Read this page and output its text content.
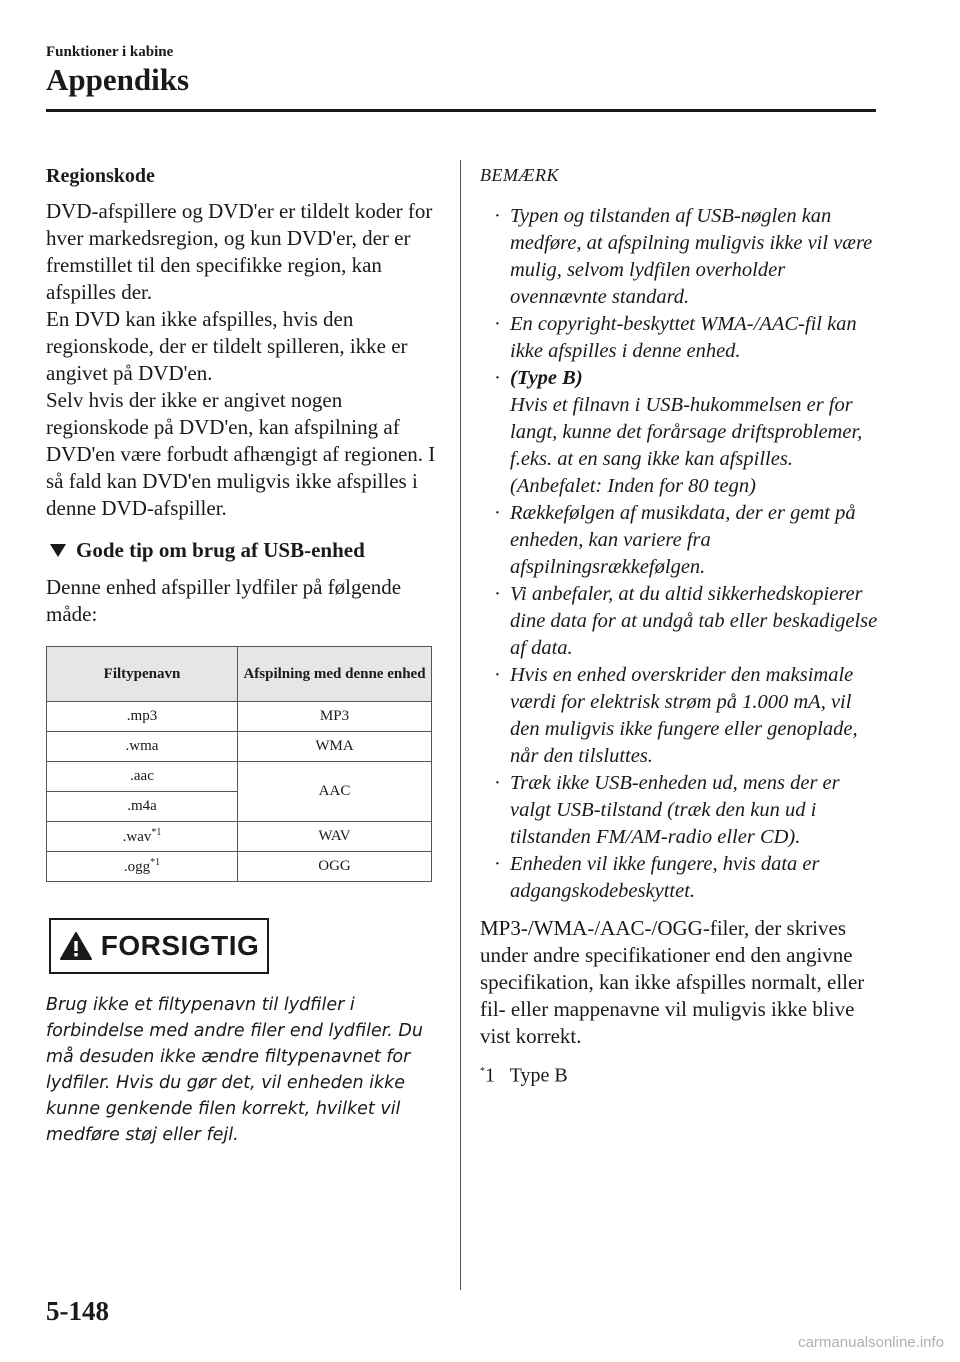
Funktioner i kabine
Appendiks

Regionskode

DVD-afspillere og DVD'er er tildelt koder for hver markedsregion, og kun DVD'er, der er fremstillet til den specifikke region, kan afspilles der.

En DVD kan ikke afspilles, hvis den regionskode, der er tildelt spilleren, ikke er angivet på DVD'en.

Selv hvis der ikke er angivet nogen regionskode på DVD'en, kan afspilning af DVD'en være forbudt afhængigt af regionen. I så fald kan DVD'en muligvis ikke afspilles i denne DVD-afspiller.

Gode tip om brug af USB-enhed

Denne enhed afspiller lydfiler på følgende måde:

Filtypenavn	Afspilning med denne enhed
.mp3	MP3
.wma	WMA
.aac	AAC
.m4a	
.wav$^{*1}$	WAV
.ogg$^{*1}$	OGG
FORSIGTIG

Brug ikke et filtypenavn til lydfiler i forbindelse med andre filer end lydfiler. Du må desuden ikke ændre filtypenavnet for lydfiler. Hvis du gør det, vil enheden ikke kunne genkende filen korrekt, hvilket vil medføre støj eller fejl.

BEMÆRK

· Typen og tilstanden af USB-nøglen kan medføre, at afspilning muligvis ikke vil være mulig, selvom lydfilen overholder ovennævnte standard.
· En copyright-beskyttet WMA-/AAC-fil kan ikke afspilles i denne enhed.
· (Type B)
Hvis et filnavn i USB-hukommelsen er for langt, kunne det forårsage driftsproblemer, f.eks. at en sang ikke kan afspilles.
(Anbefalet: Inden for 80 tegn)
· Rækkefølgen af musikdata, der er gemt på enheden, kan variere fra afspilningsrækkefølgen.
· Vi anbefaler, at du altid sikkerhedskopierer dine data for at undgå tab eller beskadigelse af data.
· Hvis en enhed overskrider den maksimale værdi for elektrisk strøm på 1.000 mA, vil den muligvis ikke fungere eller genoplade, når den tilsluttes.
· Træk ikke USB-enheden ud, mens der er valgt USB-tilstand (træk den kun ud i tilstanden FM/AM-radio eller CD).
· Enheden vil ikke fungere, hvis data er adgangskodebeskyttet.

MP3-/WMA-/AAC-/OGG-filer, der skrives under andre specifikationer end den angivne specifikation, kan ikke afspilles normalt, eller fil- eller mappenavne vil muligvis ikke blive vist korrekt.

*1   Type B
5-148
carmanualsonline.info
